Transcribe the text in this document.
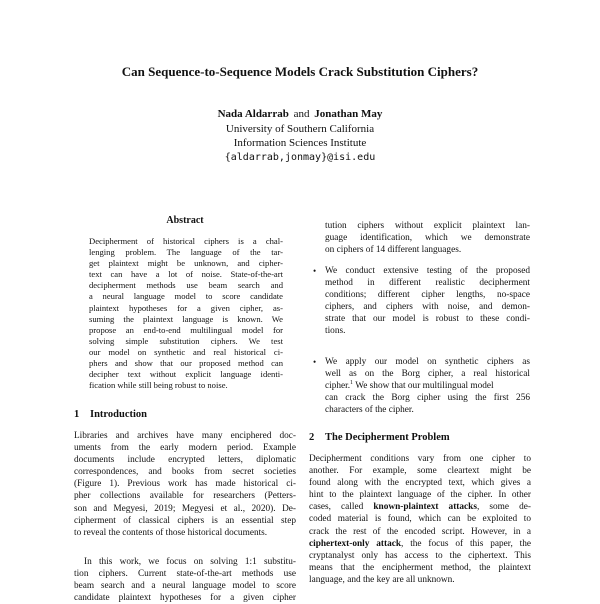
Can Sequence-to-Sequence Models Crack Substitution Ciphers?
Nada Aldarrab and Jonathan May
University of Southern California
Information Sciences Institute
{aldarrab,jonmay}@isi.edu
Abstract
Decipherment of historical ciphers is a chal-
lenging problem. The language of the tar-
get plaintext might be unknown, and cipher-
text can have a lot of noise. State-of-the-art
decipherment methods use beam search and
a neural language model to score candidate
plaintext hypotheses for a given cipher, as-
suming the plaintext language is known. We
propose an end-to-end multilingual model for
solving simple substitution ciphers. We test
our model on synthetic and real historical ci-
phers and show that our proposed method can
decipher text without explicit language identi-
fication while still being robust to noise.
1 Introduction
Libraries and archives have many enciphered doc-
uments from the early modern period. Example
documents include encrypted letters, diplomatic
correspondences, and books from secret societies
(Figure 1). Previous work has made historical ci-
pher collections available for researchers (Petters-
son and Megyesi, 2019; Megyesi et al., 2020). De-
cipherment of classical ciphers is an essential step
to reveal the contents of those historical documents.
In this work, we focus on solving 1:1 substitu-
tion ciphers. Current state-of-the-art methods use
beam search and a neural language model to score
candidate plaintext hypotheses for a given cipher
tution ciphers without explicit plaintext lan-
guage identification, which we demonstrate
on ciphers of 14 different languages.
• We conduct extensive testing of the proposed
method in different realistic decipherment
conditions; different cipher lengths, no-space
ciphers, and ciphers with noise, and demon-
strate that our model is robust to these condi-
tions.
• We apply our model on synthetic ciphers as
well as on the Borg cipher, a real historical
cipher.$^1$ We show that our multilingual model
can crack the Borg cipher using the first 256
characters of the cipher.
2 The Decipherment Problem
Decipherment conditions vary from one cipher to
another. For example, some cleartext might be
found along with the encrypted text, which gives a
hint to the plaintext language of the cipher. In other
cases, called known-plaintext attacks, some de-
coded material is found, which can be exploited to
crack the rest of the encoded script. However, in a
ciphertext-only attack, the focus of this paper, the
cryptanalyst only has access to the ciphertext. This
means that the encipherment method, the plaintext
language, and the key are all unknown.
